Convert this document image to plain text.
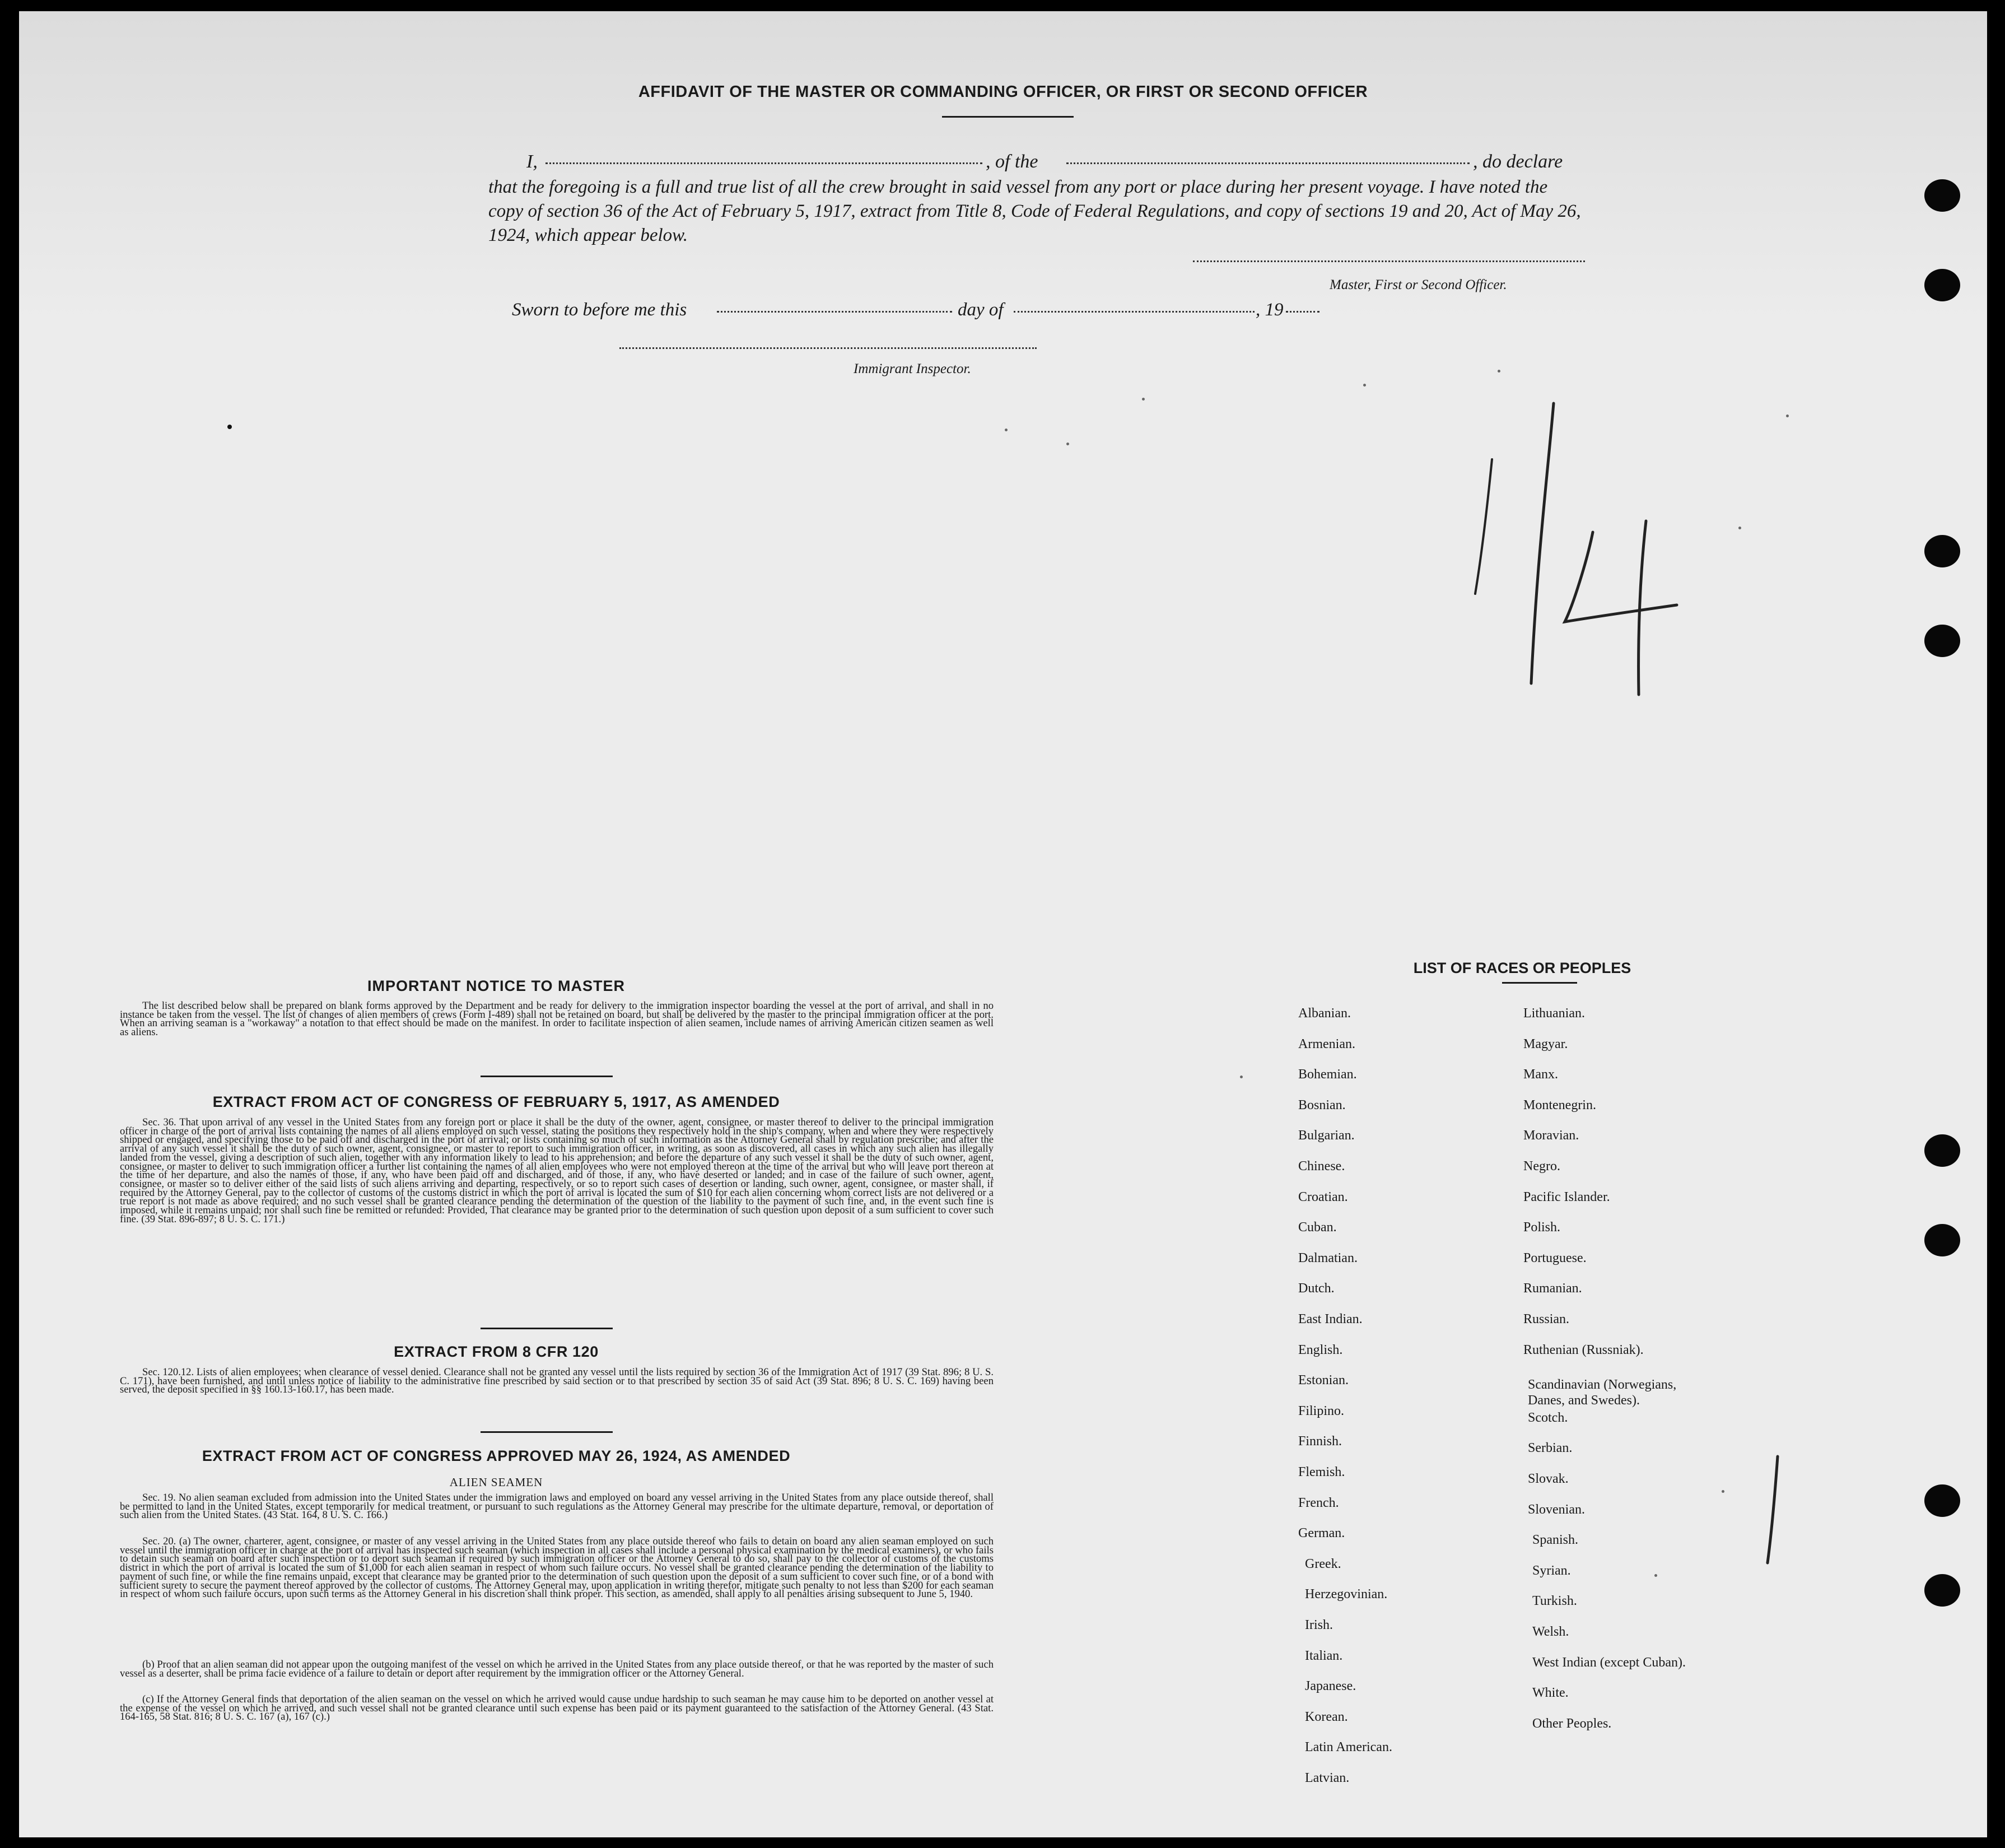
AFFIDAVIT OF THE MASTER OR COMMANDING OFFICER, OR FIRST OR SECOND OFFICER
I,	, of the	, do declare
that the foregoing is a full and true list of all the crew brought in said vessel from any port or place during her present voyage. I have noted the copy of section 36 of the Act of February 5, 1917, extract from Title 8, Code of Federal Regulations, and copy of sections 19 and 20, Act of May 26, 1924, which appear below.
Master, First or Second Officer.
Sworn to before me this	day of	, 19
Immigrant Inspector.
IMPORTANT NOTICE TO MASTER
The list described below shall be prepared on blank forms approved by the Department and be ready for delivery to the immigration inspector boarding the vessel at the port of arrival, and shall in no instance be taken from the vessel. The list of changes of alien members of crews (Form I-489) shall not be retained on board, but shall be delivered by the master to the principal immigration officer at the port. When an arriving seaman is a "workaway" a notation to that effect should be made on the manifest. In order to facilitate inspection of alien seamen, include names of arriving American citizen seamen as well as aliens.
EXTRACT FROM ACT OF CONGRESS OF FEBRUARY 5, 1917, AS AMENDED
Sec. 36. That upon arrival of any vessel in the United States from any foreign port or place it shall be the duty of the owner, agent, consignee, or master thereof to deliver to the principal immigration officer in charge of the port of arrival lists containing the names of all aliens employed on such vessel, stating the positions they respectively hold in the ship's company, when and where they were respectively shipped or engaged, and specifying those to be paid off and discharged in the port of arrival; or lists containing so much of such information as the Attorney General shall by regulation prescribe; and after the arrival of any such vessel it shall be the duty of such owner, agent, consignee, or master to report to such immigration officer, in writing, as soon as discovered, all cases in which any such alien has illegally landed from the vessel, giving a description of such alien, together with any information likely to lead to his apprehension; and before the departure of any such vessel it shall be the duty of such owner, agent, consignee, or master to deliver to such immigration officer a further list containing the names of all alien employees who were not employed thereon at the time of the arrival but who will leave port thereon at the time of her departure, and also the names of those, if any, who have been paid off and discharged, and of those, if any, who have deserted or landed; and in case of the failure of such owner, agent, consignee, or master so to deliver either of the said lists of such aliens arriving and departing, respectively, or so to report such cases of desertion or landing, such owner, agent, consignee, or master shall, if required by the Attorney General, pay to the collector of customs of the customs district in which the port of arrival is located the sum of $10 for each alien concerning whom correct lists are not delivered or a true report is not made as above required; and no such vessel shall be granted clearance pending the determination of the question of the liability to the payment of such fine, and, in the event such fine is imposed, while it remains unpaid; nor shall such fine be remitted or refunded: Provided, That clearance may be granted prior to the determination of such question upon deposit of a sum sufficient to cover such fine. (39 Stat. 896-897; 8 U. S. C. 171.)
EXTRACT FROM 8 CFR 120
Sec. 120.12. Lists of alien employees; when clearance of vessel denied. Clearance shall not be granted any vessel until the lists required by section 36 of the Immigration Act of 1917 (39 Stat. 896; 8 U. S. C. 171), have been furnished, and until unless notice of liability to the administrative fine prescribed by said section or to that prescribed by section 35 of said Act (39 Stat. 896; 8 U. S. C. 169) having been served, the deposit specified in §§ 160.13-160.17, has been made.
EXTRACT FROM ACT OF CONGRESS APPROVED MAY 26, 1924, AS AMENDED
ALIEN SEAMEN
Sec. 19. No alien seaman excluded from admission into the United States under the immigration laws and employed on board any vessel arriving in the United States from any place outside thereof, shall be permitted to land in the United States, except temporarily for medical treatment, or pursuant to such regulations as the Attorney General may prescribe for the ultimate departure, removal, or deportation of such alien from the United States. (43 Stat. 164, 8 U. S. C. 166.)
Sec. 20. (a) The owner, charterer, agent, consignee, or master of any vessel arriving in the United States from any place outside thereof who fails to detain on board any alien seaman employed on such vessel until the immigration officer in charge at the port of arrival has inspected such seaman (which inspection in all cases shall include a personal physical examination by the medical examiners), or who fails to detain such seaman on board after such inspection or to deport such seaman if required by such immigration officer or the Attorney General to do so, shall pay to the collector of customs of the customs district in which the port of arrival is located the sum of $1,000 for each alien seaman in respect of whom such failure occurs. No vessel shall be granted clearance pending the determination of the liability to payment of such fine, or while the fine remains unpaid, except that clearance may be granted prior to the determination of such question upon the deposit of a sum sufficient to cover such fine, or of a bond with sufficient surety to secure the payment thereof approved by the collector of customs. The Attorney General may, upon application in writing therefor, mitigate such penalty to not less than $200 for each seaman in respect of whom such failure occurs, upon such terms as the Attorney General in his discretion shall think proper. This section, as amended, shall apply to all penalties arising subsequent to June 5, 1940.
(b) Proof that an alien seaman did not appear upon the outgoing manifest of the vessel on which he arrived in the United States from any place outside thereof, or that he was reported by the master of such vessel as a deserter, shall be prima facie evidence of a failure to detain or deport after requirement by the immigration officer or the Attorney General.
(c) If the Attorney General finds that deportation of the alien seaman on the vessel on which he arrived would cause undue hardship to such seaman he may cause him to be deported on another vessel at the expense of the vessel on which he arrived, and such vessel shall not be granted clearance until such expense has been paid or its payment guaranteed to the satisfaction of the Attorney General. (43 Stat. 164-165, 58 Stat. 816; 8 U. S. C. 167 (a), 167 (c).)
LIST OF RACES OR PEOPLES
Albanian.
Armenian.
Bohemian.
Bosnian.
Bulgarian.
Chinese.
Croatian.
Cuban.
Dalmatian.
Dutch.
East Indian.
English.
Estonian.
Filipino.
Finnish.
Flemish.
French.
German.
Greek.
Herzegovinian.
Irish.
Italian.
Japanese.
Korean.
Latin American.
Latvian.
Lithuanian.
Magyar.
Manx.
Montenegrin.
Moravian.
Negro.
Pacific Islander.
Polish.
Portuguese.
Rumanian.
Russian.
Ruthenian (Russniak).
Scandinavian (Norwegians,
Danes, and Swedes).
Scotch.
Serbian.
Slovak.
Slovenian.
Spanish.
Syrian.
Turkish.
Welsh.
West Indian (except Cuban).
White.
Other Peoples.
